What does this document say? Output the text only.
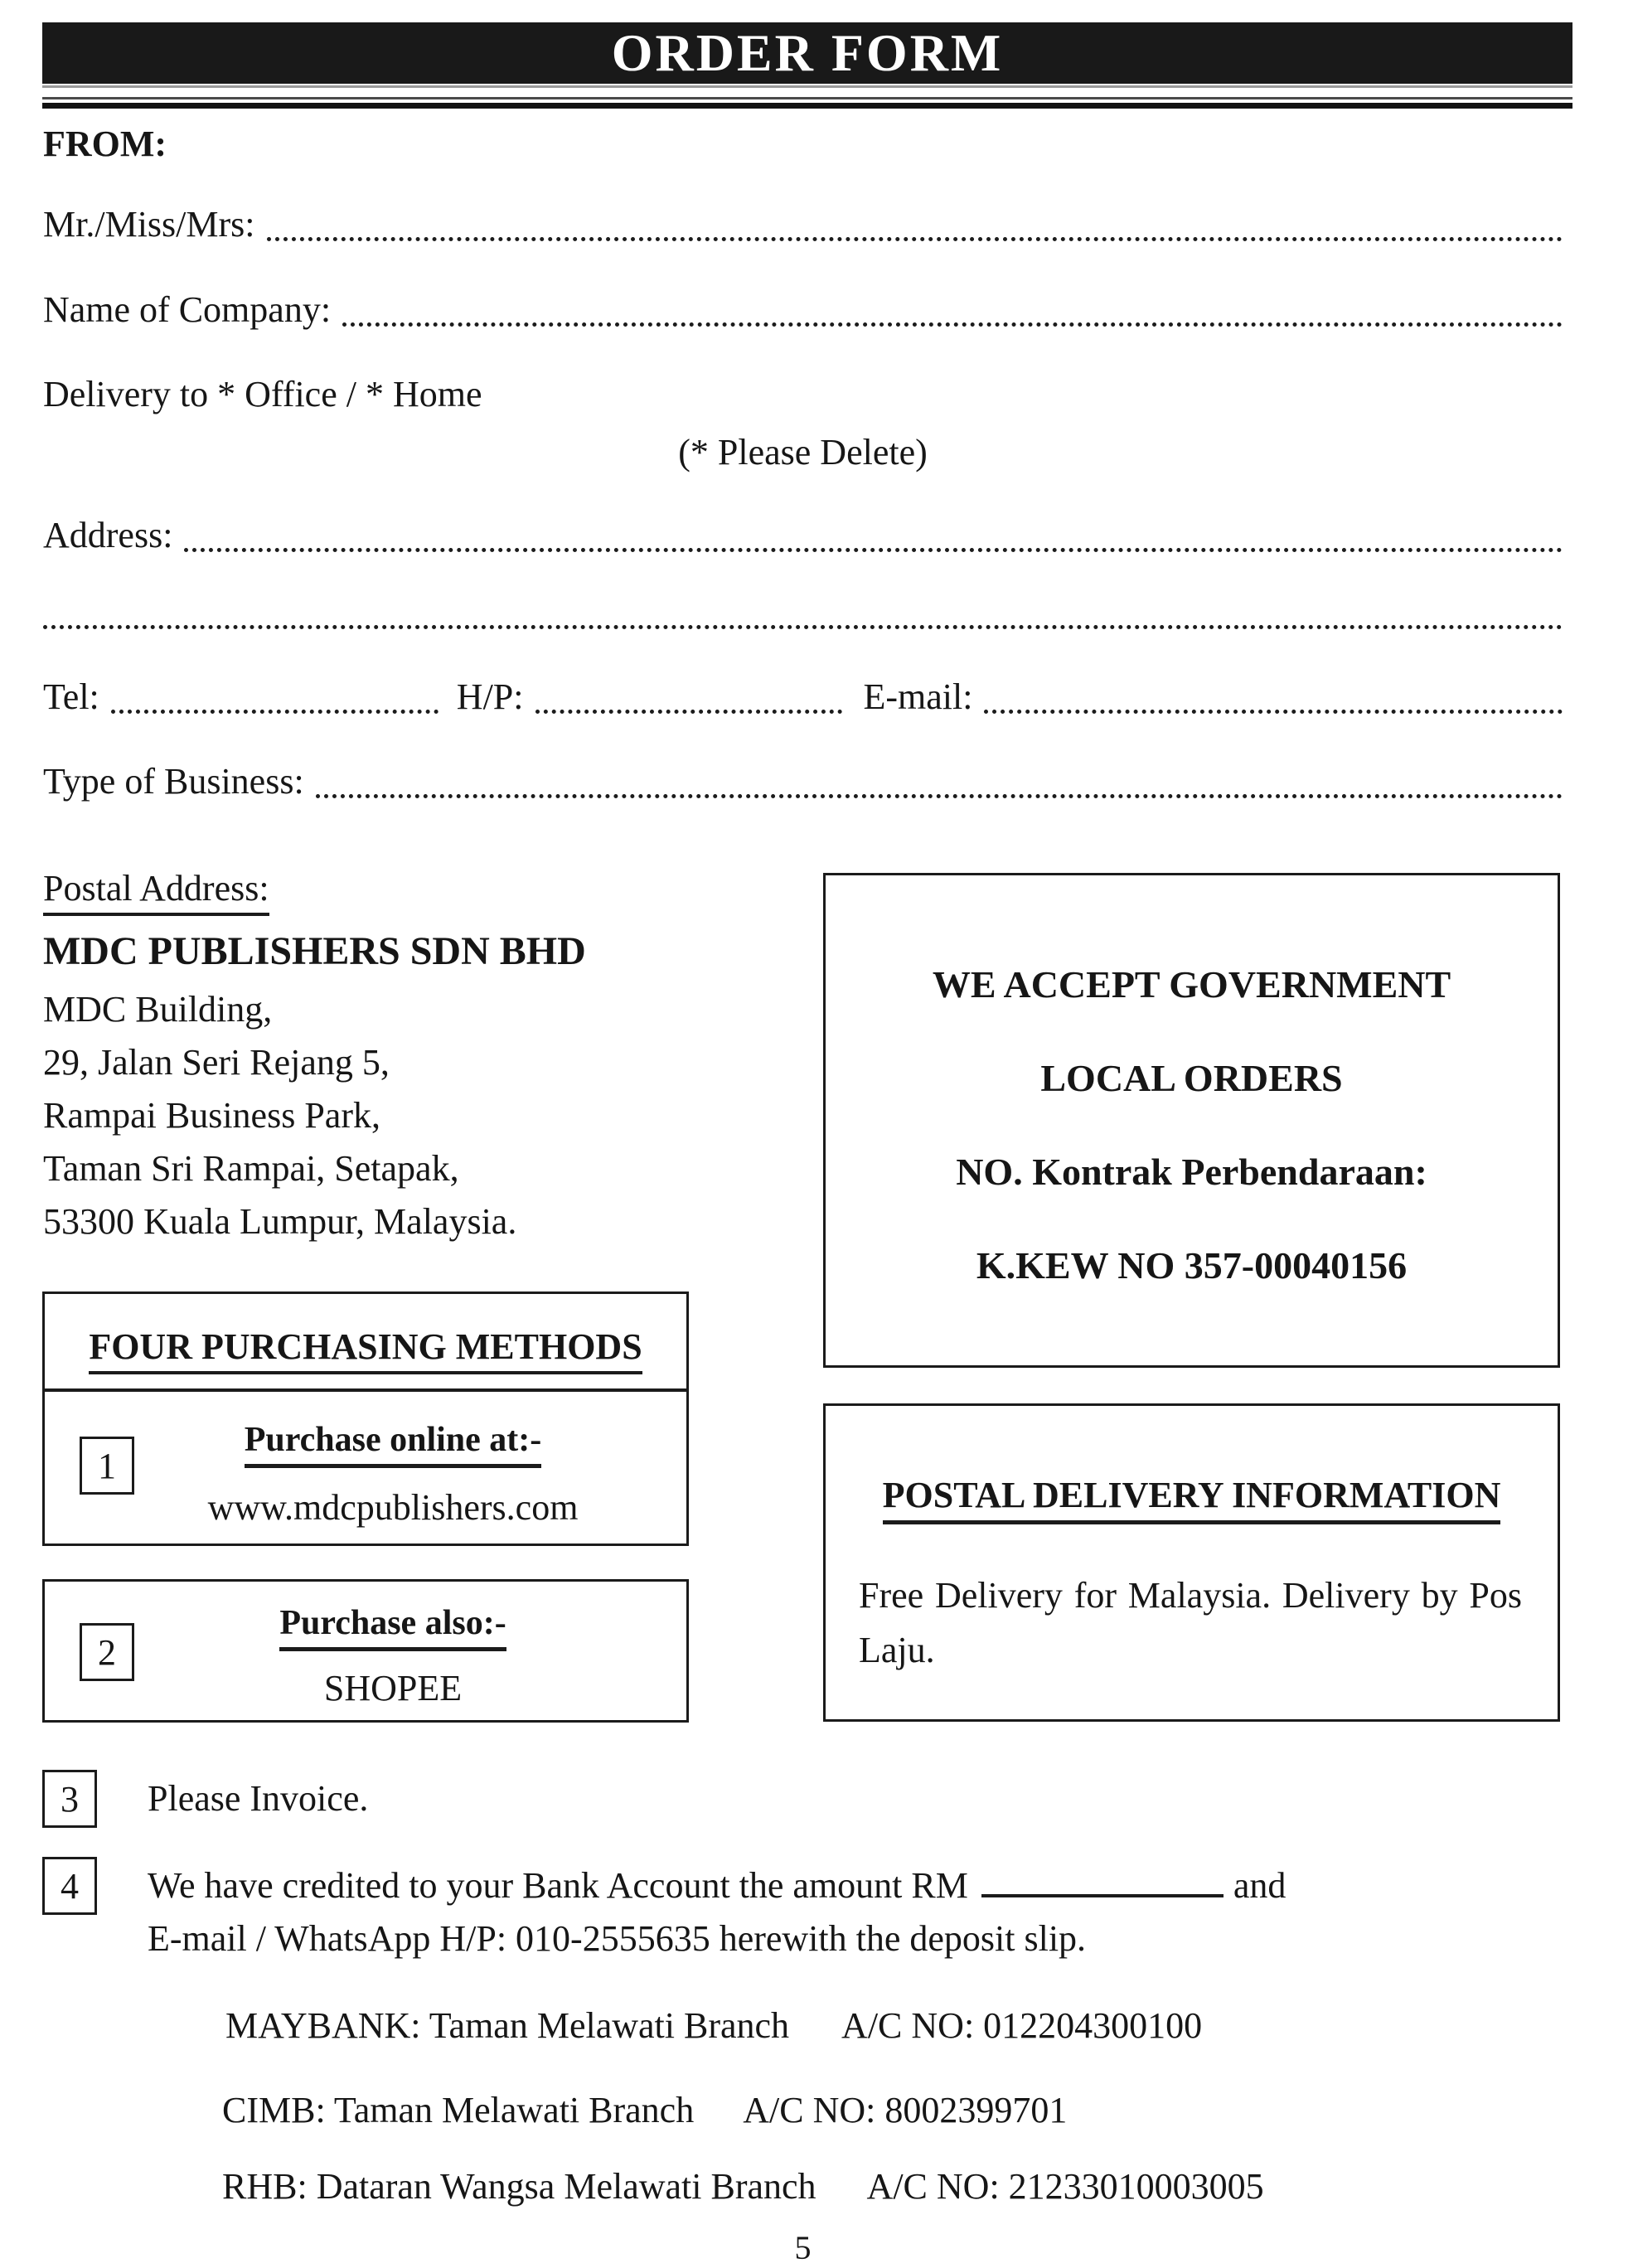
ORDER FORM
FROM:
Mr./Miss/Mrs:
Name of Company:
Delivery to * Office / * Home
(* Please Delete)
Address:
Tel:	H/P:	E-mail:
Type of Business:
Postal Address:
MDC PUBLISHERS SDN BHD
MDC Building,
29, Jalan Seri Rejang 5,
Rampai Business Park,
Taman Sri Rampai, Setapak,
53300 Kuala Lumpur, Malaysia.
WE ACCEPT GOVERNMENT
LOCAL ORDERS
NO. Kontrak Perbendaraan:
K.KEW NO 357-00040156
FOUR PURCHASING METHODS
1
Purchase online at:-
www.mdcpublishers.com	POSTAL DELIVERY INFORMATION
Free Delivery for Malaysia. Delivery by Pos Laju.
2
Purchase also:-
SHOPEE
3 Please Invoice.
4 We have credited to your Bank Account the amount RM	and
E-mail / WhatsApp H/P: 010-2555635 herewith the deposit slip.
MAYBANK: Taman Melawati Branch A/C NO: 012204300100
CIMB: Taman Melawati Branch A/C NO: 8002399701
RHB: Dataran Wangsa Melawati Branch A/C NO: 21233010003005
5
